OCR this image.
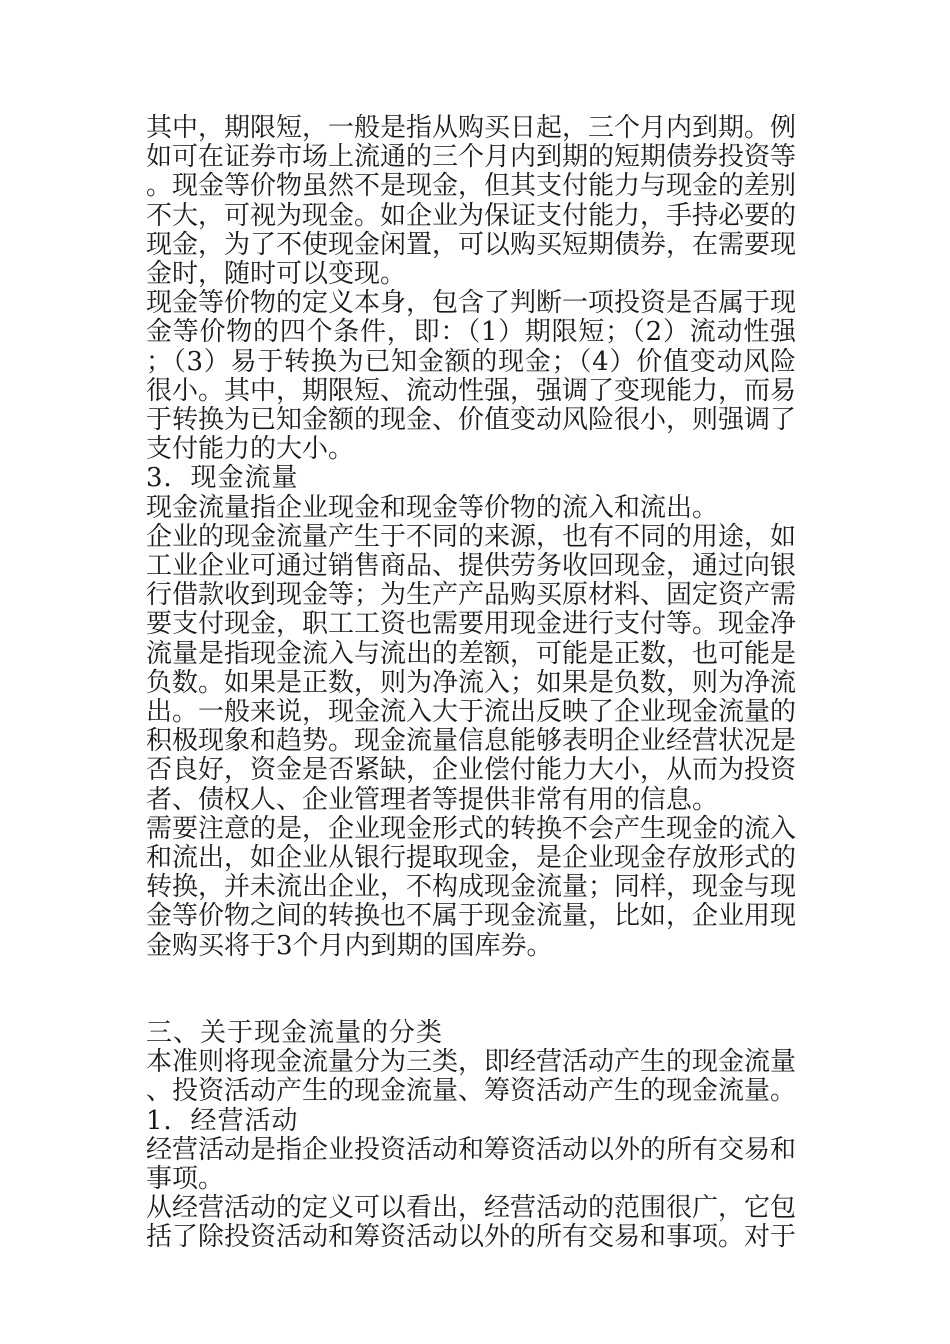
其中，期限短，一般是指从购买日起，三个月内到期。例如可在证券市场上流通的三个月内到期的短期债券投资等。现金等价物虽然不是现金，但其支付能力与现金的差别不大，可视为现金。如企业为保证支付能力，手持必要的现金，为了不使现金闲置，可以购买短期债券，在需要现金时，随时可以变现。

现金等价物的定义本身，包含了判断一项投资是否属于现金等价物的四个条件，即：（1）期限短；（2）流动性强；（3）易于转换为已知金额的现金；（4）价值变动风险很小。其中，期限短、流动性强，强调了变现能力，而易于转换为已知金额的现金、价值变动风险很小，则强调了支付能力的大小。

3．现金流量

现金流量指企业现金和现金等价物的流入和流出。

企业的现金流量产生于不同的来源，也有不同的用途，如工业企业可通过销售商品、提供劳务收回现金，通过向银行借款收到现金等；为生产产品购买原材料、固定资产需要支付现金，职工工资也需要用现金进行支付等。现金净流量是指现金流入与流出的差额，可能是正数，也可能是负数。如果是正数，则为净流入；如果是负数，则为净流出。一般来说，现金流入大于流出反映了企业现金流量的积极现象和趋势。现金流量信息能够表明企业经营状况是否良好，资金是否紧缺，企业偿付能力大小，从而为投资者、债权人、企业管理者等提供非常有用的信息。

需要注意的是，企业现金形式的转换不会产生现金的流入和流出，如企业从银行提取现金，是企业现金存放形式的转换，并未流出企业，不构成现金流量；同样，现金与现金等价物之间的转换也不属于现金流量，比如，企业用现金购买将于3个月内到期的国库券。

三、关于现金流量的分类

本准则将现金流量分为三类，即经营活动产生的现金流量、投资活动产生的现金流量、筹资活动产生的现金流量。

1．经营活动

经营活动是指企业投资活动和筹资活动以外的所有交易和事项。

从经营活动的定义可以看出，经营活动的范围很广，它包括了除投资活动和筹资活动以外的所有交易和事项。对于
